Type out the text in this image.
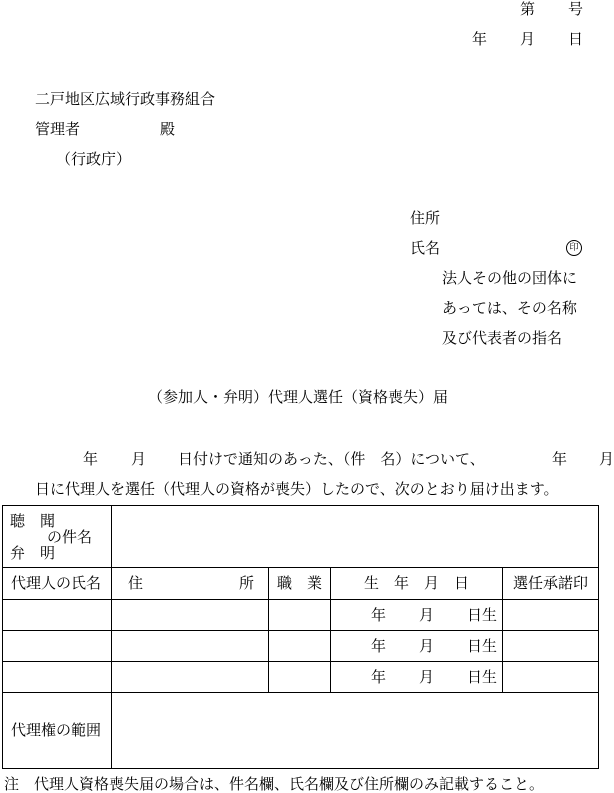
第 号
年 月 日
二戸地区広域行政事務組合
管理者	殿
（行政庁）
住所
氏名	印
法人その他の団体に
あっては、その名称
及び代表者の指名
（参加人・弁明）代理人選任（資格喪失）届
年 月 日付けで通知のあった、（件　名）について、	年 月
日に代理人を選任（代理人の資格が喪失）したので、次のとおり届け出ます。
聴　聞
の件名
弁　明				

代理人の氏名	住 所	職　業	生　年　月　日	選任承諾印

			年 月 日生	

			年 月 日生	

			年 月 日生	

代理権の範囲				
注　代理人資格喪失届の場合は、件名欄、氏名欄及び住所欄のみ記載すること。
